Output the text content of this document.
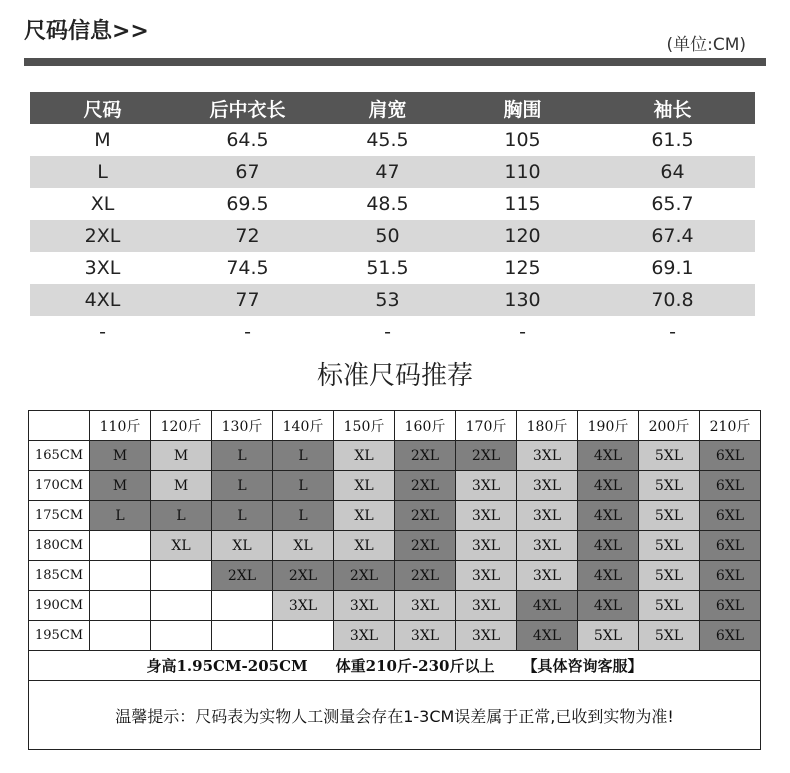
尺码信息>>
(单位:CM)
尺码	后中衣长	肩宽	胸围	袖长
M	64.5	45.5	105	61.5
L	67	47	110	64
XL	69.5	48.5	115	65.7
2XL	72	50	120	67.4
3XL	74.5	51.5	125	69.1
4XL	77	53	130	70.8
-	-	-	-	-
标准尺码推荐
	110斤	120斤	130斤	140斤	150斤	160斤	170斤	180斤	190斤	200斤	210斤
165CM	M	M	L	L	XL	2XL	2XL	3XL	4XL	5XL	6XL
170CM	M	M	L	L	XL	2XL	3XL	3XL	4XL	5XL	6XL
175CM	L	L	L	L	XL	2XL	3XL	3XL	4XL	5XL	6XL
180CM		XL	XL	XL	XL	2XL	3XL	3XL	4XL	5XL	6XL
185CM			2XL	2XL	2XL	2XL	3XL	3XL	4XL	5XL	6XL
190CM				3XL	3XL	3XL	3XL	4XL	4XL	5XL	6XL
195CM					3XL	3XL	3XL	4XL	5XL	5XL	6XL
身高1.95CM-205CM 体重210斤-230斤以上 【具体咨询客服】											
温馨提示：尺码表为实物人工测量会存在1-3CM误差属于正常,已收到实物为准!											
